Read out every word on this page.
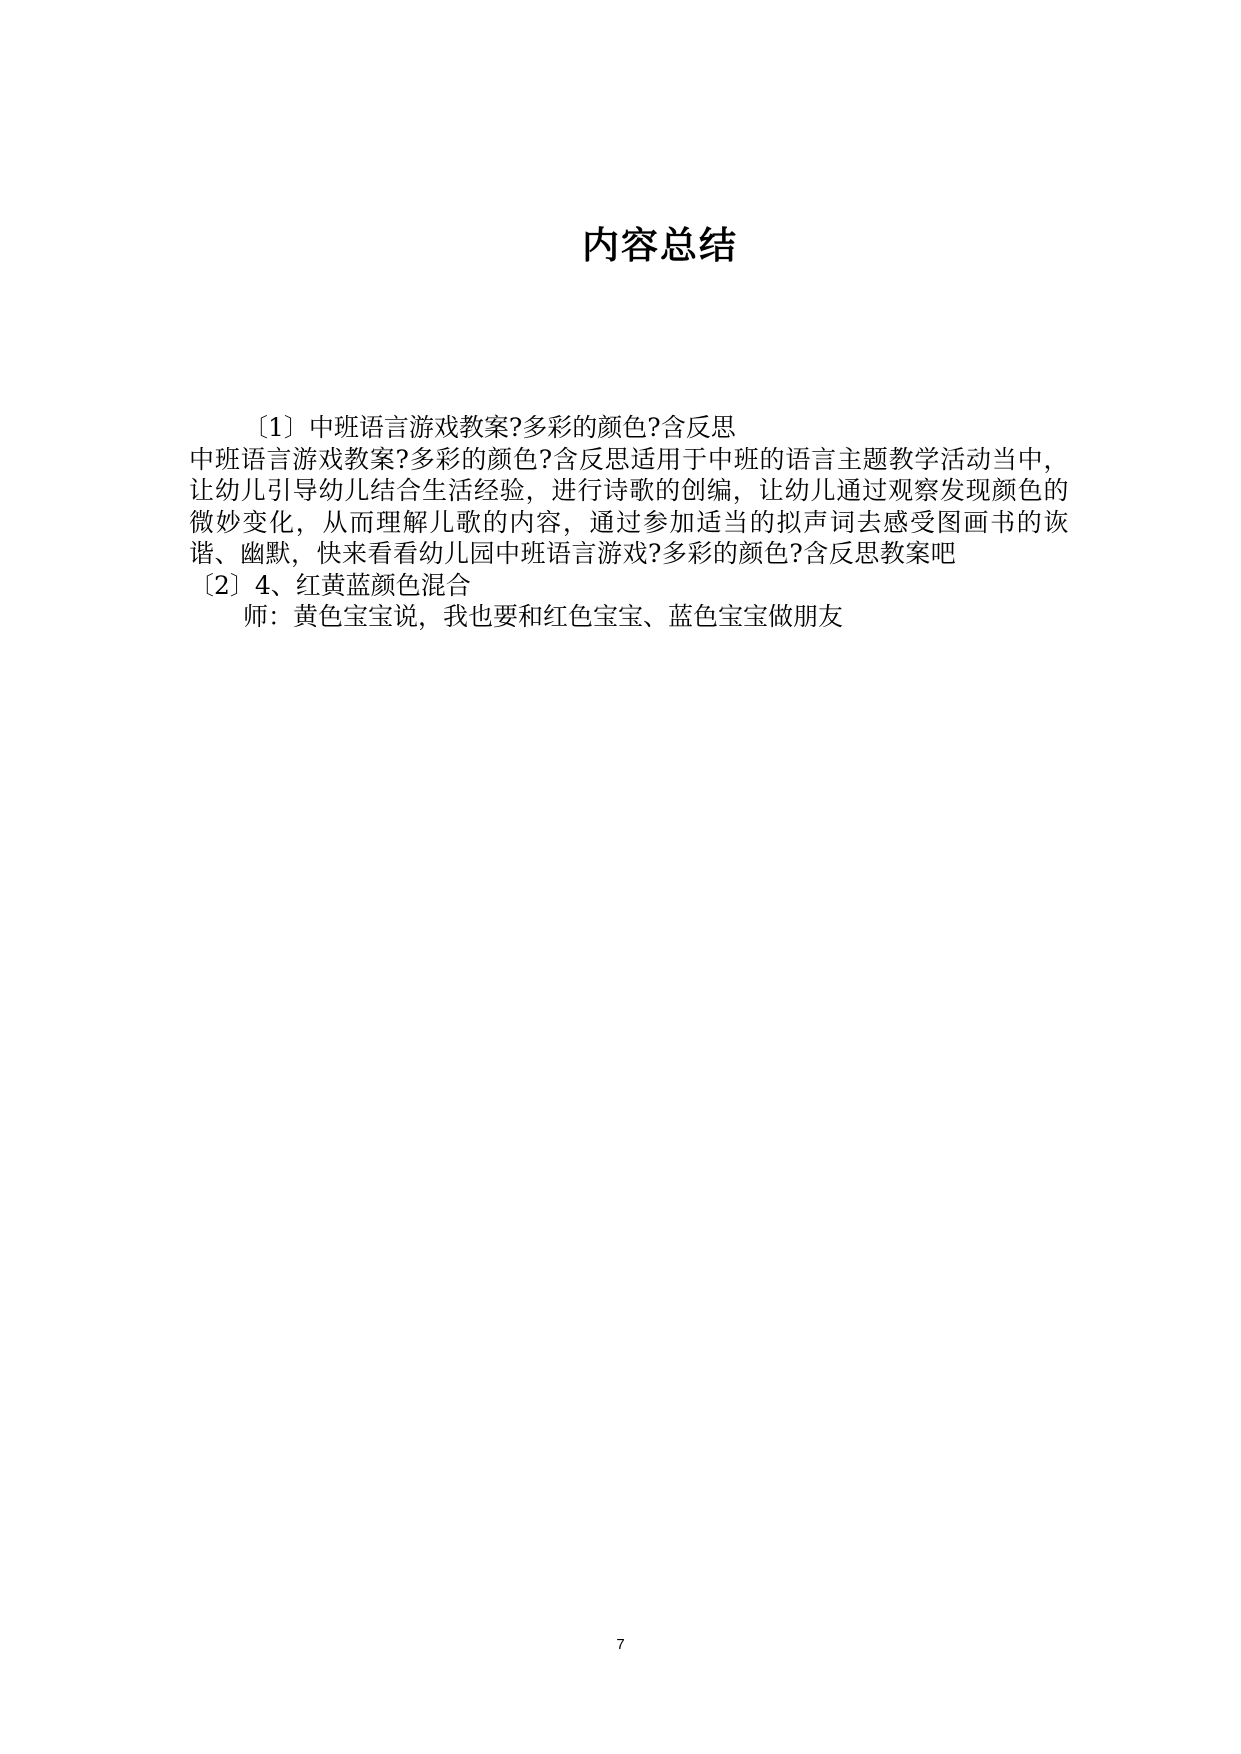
内容总结

〔1〕中班语言游戏教案?多彩的颜色?含反思

中班语言游戏教案?多彩的颜色?含反思适用于中班的语言主题教学活动当中，让幼儿引导幼儿结合生活经验，进行诗歌的创编，让幼儿通过观察发现颜色的微妙变化，从而理解儿歌的内容，通过参加适当的拟声词去感受图画书的诙谐、幽默，快来看看幼儿园中班语言游戏?多彩的颜色?含反思教案吧

〔2〕4、红黄蓝颜色混合

师：黄色宝宝说，我也要和红色宝宝、蓝色宝宝做朋友

7
